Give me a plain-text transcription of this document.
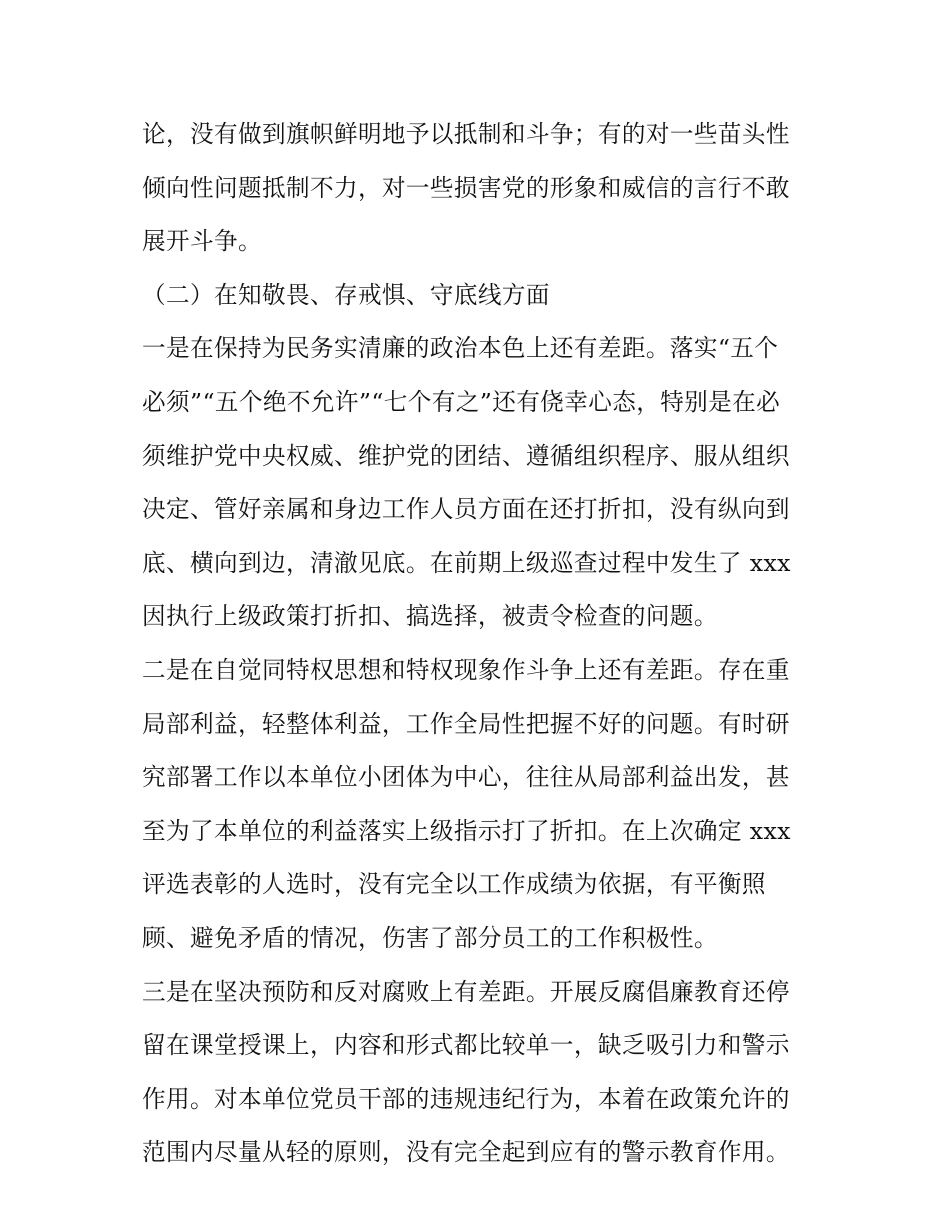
论，没有做到旗帜鲜明地予以抵制和斗争；有的对一些苗头性
倾向性问题抵制不力，对一些损害党的形象和威信的言行不敢
展开斗争。
（二）在知敬畏、存戒惧、守底线方面
一是在保持为民务实清廉的政治本色上还有差距。落实“五个
必须”“五个绝不允许”“七个有之”还有侥幸心态，特别是在必
须维护党中央权威、维护党的团结、遵循组织程序、服从组织
决定、管好亲属和身边工作人员方面在还打折扣，没有纵向到
底、横向到边，清澈见底。在前期上级巡查过程中发生了 xxx
因执行上级政策打折扣、搞选择，被责令检查的问题。
二是在自觉同特权思想和特权现象作斗争上还有差距。存在重
局部利益，轻整体利益，工作全局性把握不好的问题。有时研
究部署工作以本单位小团体为中心，往往从局部利益出发，甚
至为了本单位的利益落实上级指示打了折扣。在上次确定 xxx
评选表彰的人选时，没有完全以工作成绩为依据，有平衡照
顾、避免矛盾的情况，伤害了部分员工的工作积极性。
三是在坚决预防和反对腐败上有差距。开展反腐倡廉教育还停
留在课堂授课上，内容和形式都比较单一，缺乏吸引力和警示
作用。对本单位党员干部的违规违纪行为，本着在政策允许的
范围内尽量从轻的原则，没有完全起到应有的警示教育作用。
